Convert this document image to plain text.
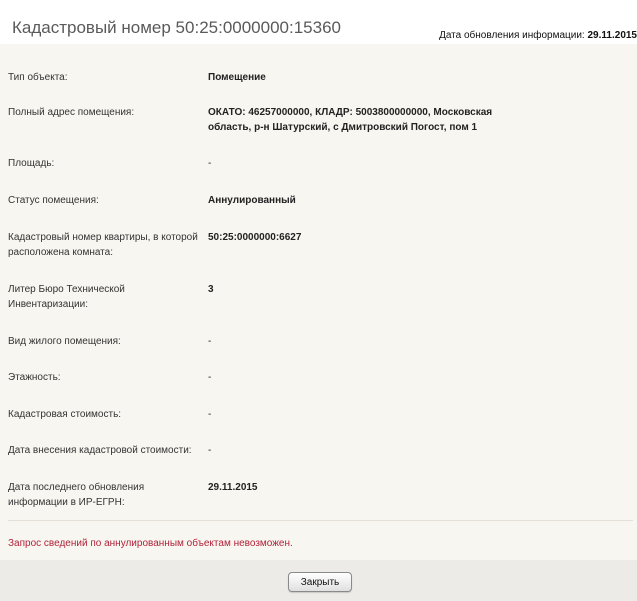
Кадастровый номер 50:25:0000000:15360	Дата обновления информации: 29.11.2015
Тип объекта:	Помещение
Полный адрес помещения:	ОКАТО: 46257000000, КЛАДР: 5003800000000, Московская область, р-н Шатурский, с Дмитровский Погост, пом 1
Площадь:	-
Статус помещения:	Аннулированный
Кадастровый номер квартиры, в которой расположена комната:
50:25:0000000:6627
Литер Бюро Технической Инвентаризации:
3
Вид жилого помещения:	-
Этажность:	-
Кадастровая стоимость:	-
Дата внесения кадастровой стоимости:	-
Дата последнего обновления информации в ИР-ЕГРН:
29.11.2015
Запрос сведений по аннулированным объектам невозможен.
Закрыть
